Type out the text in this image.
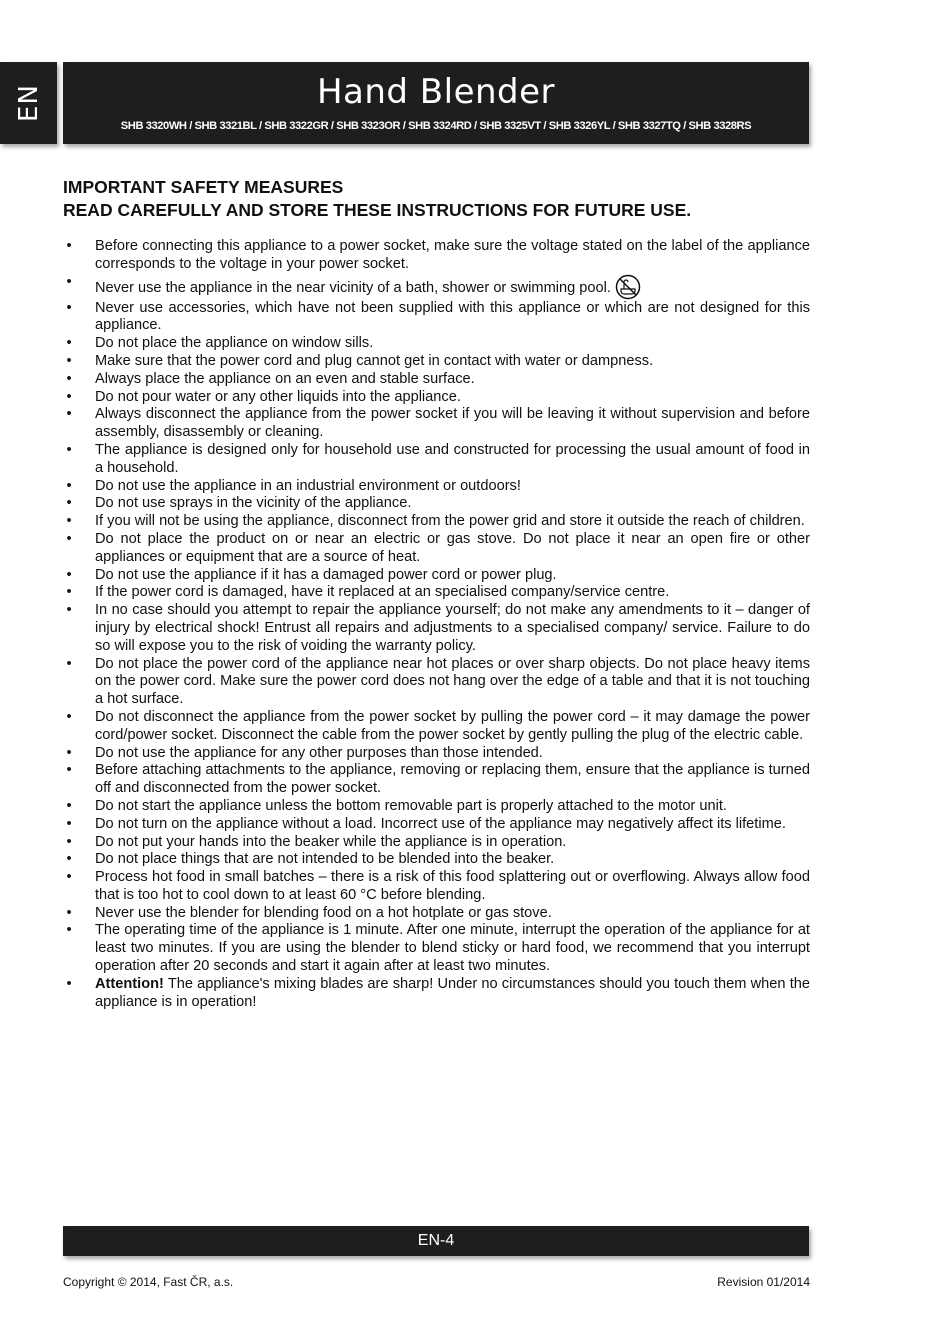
EN	Hand Blender
SHB 3320WH / SHB 3321BL / SHB 3322GR / SHB 3323OR / SHB 3324RD / SHB 3325VT / SHB 3326YL / SHB 3327TQ / SHB 3328RS
IMPORTANT SAFETY MEASURES
READ CAREFULLY AND STORE THESE INSTRUCTIONS FOR FUTURE USE.
• Before connecting this appliance to a power socket, make sure the voltage stated on the label of the appliance corresponds to the voltage in your power socket.
• Never use the appliance in the near vicinity of a bath, shower or swimming pool.
• Never use accessories, which have not been supplied with this appliance or which are not designed for this appliance.
• Do not place the appliance on window sills.
• Make sure that the power cord and plug cannot get in contact with water or dampness.
• Always place the appliance on an even and stable surface.
• Do not pour water or any other liquids into the appliance.
• Always disconnect the appliance from the power socket if you will be leaving it without supervision and before assembly, disassembly or cleaning.
• The appliance is designed only for household use and constructed for processing the usual amount of food in a household.
• Do not use the appliance in an industrial environment or outdoors!
• Do not use sprays in the vicinity of the appliance.
• If you will not be using the appliance, disconnect from the power grid and store it outside the reach of children.
• Do not place the product on or near an electric or gas stove. Do not place it near an open fire or other appliances or equipment that are a source of heat.
• Do not use the appliance if it has a damaged power cord or power plug.
• If the power cord is damaged, have it replaced at an specialised company/service centre.
• In no case should you attempt to repair the appliance yourself; do not make any amendments to it – danger of injury by electrical shock! Entrust all repairs and adjustments to a specialised company/ service. Failure to do so will expose you to the risk of voiding the warranty policy.
• Do not place the power cord of the appliance near hot places or over sharp objects. Do not place heavy items on the power cord. Make sure the power cord does not hang over the edge of a table and that it is not touching a hot surface.
• Do not disconnect the appliance from the power socket by pulling the power cord – it may damage the power cord/power socket. Disconnect the cable from the power socket by gently pulling the plug of the electric cable.
• Do not use the appliance for any other purposes than those intended.
• Before attaching attachments to the appliance, removing or replacing them, ensure that the appliance is turned off and disconnected from the power socket.
• Do not start the appliance unless the bottom removable part is properly attached to the motor unit.
• Do not turn on the appliance without a load. Incorrect use of the appliance may negatively affect its lifetime.
• Do not put your hands into the beaker while the appliance is in operation.
• Do not place things that are not intended to be blended into the beaker.
• Process hot food in small batches – there is a risk of this food splattering out or overflowing. Always allow food that is too hot to cool down to at least 60 °C before blending.
• Never use the blender for blending food on a hot hotplate or gas stove.
• The operating time of the appliance is 1 minute. After one minute, interrupt the operation of the appliance for at least two minutes. If you are using the blender to blend sticky or hard food, we recommend that you interrupt operation after 20 seconds and start it again after at least two minutes.
• Attention! The appliance's mixing blades are sharp! Under no circumstances should you touch them when the appliance is in operation!
EN-4
Copyright © 2014, Fast ČR, a.s.	Revision 01/2014
